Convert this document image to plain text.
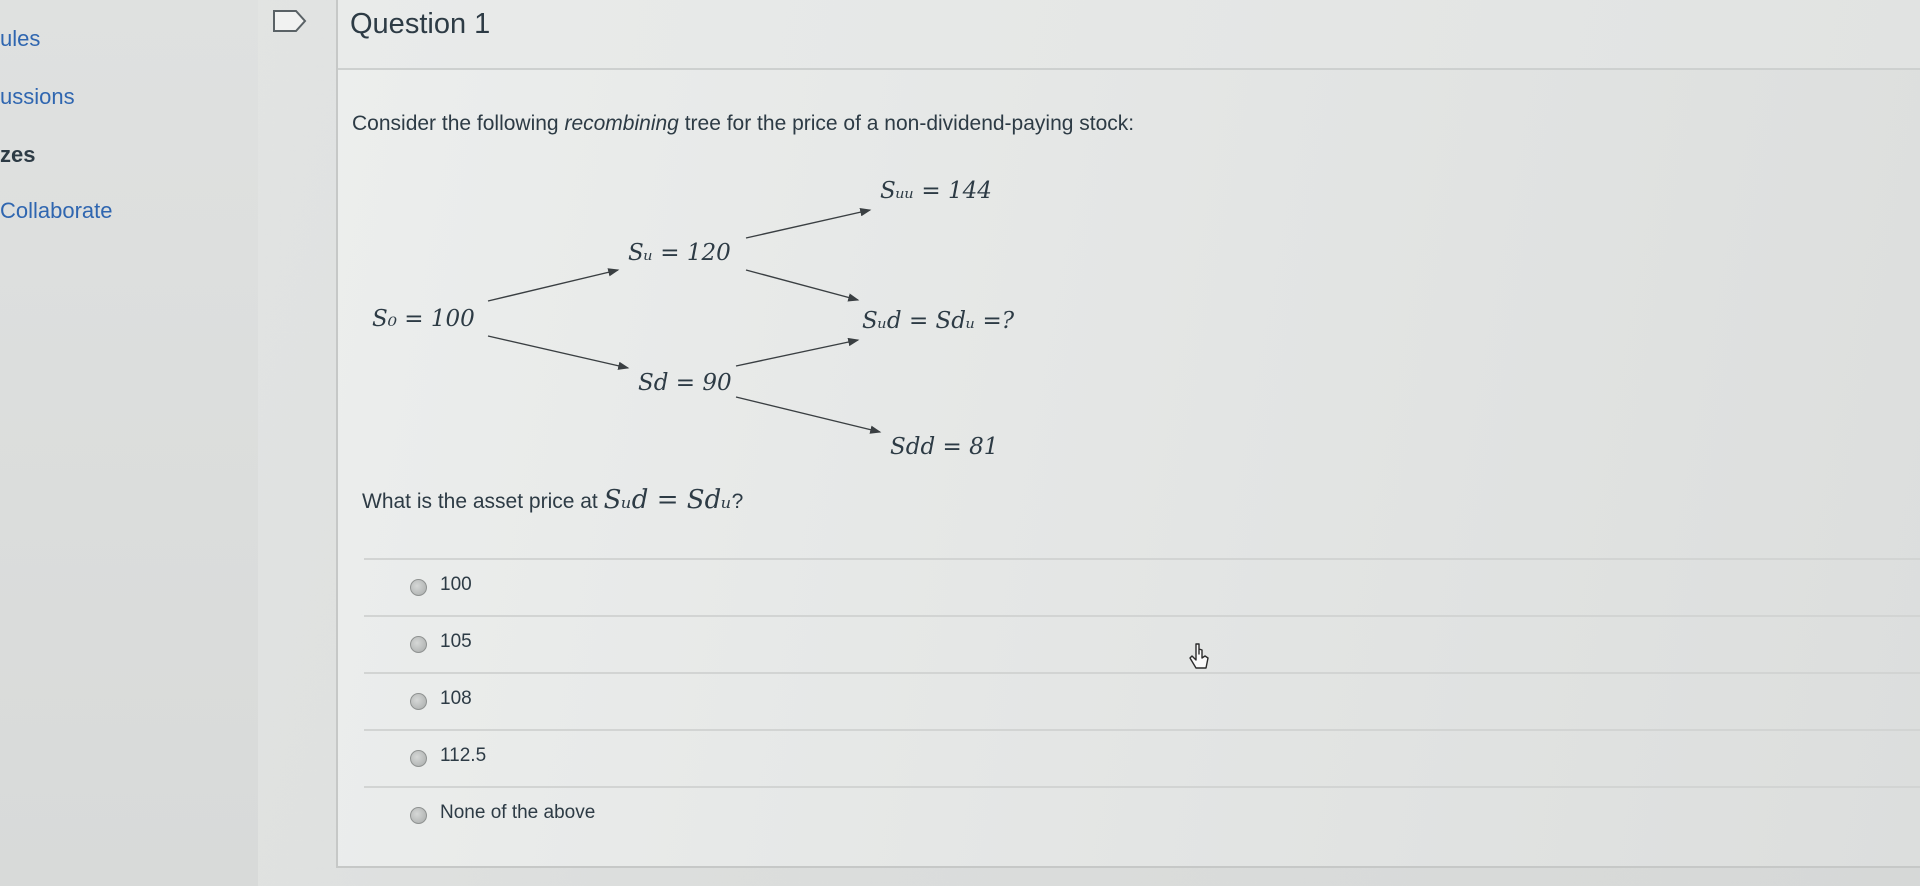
ules
ussions
zes
Collaborate
Question 1
Consider the following recombining tree for the price of a non-dividend-paying stock:
S₀ = 100
Sᵤ = 120
S𝑑 = 90
Sᵤᵤ = 144
Sᵤ𝑑 = S𝑑ᵤ =?
S𝑑𝑑 = 81
What is the asset price at Sᵤ𝑑 = S𝑑ᵤ?
100
105
108
112.5
None of the above
